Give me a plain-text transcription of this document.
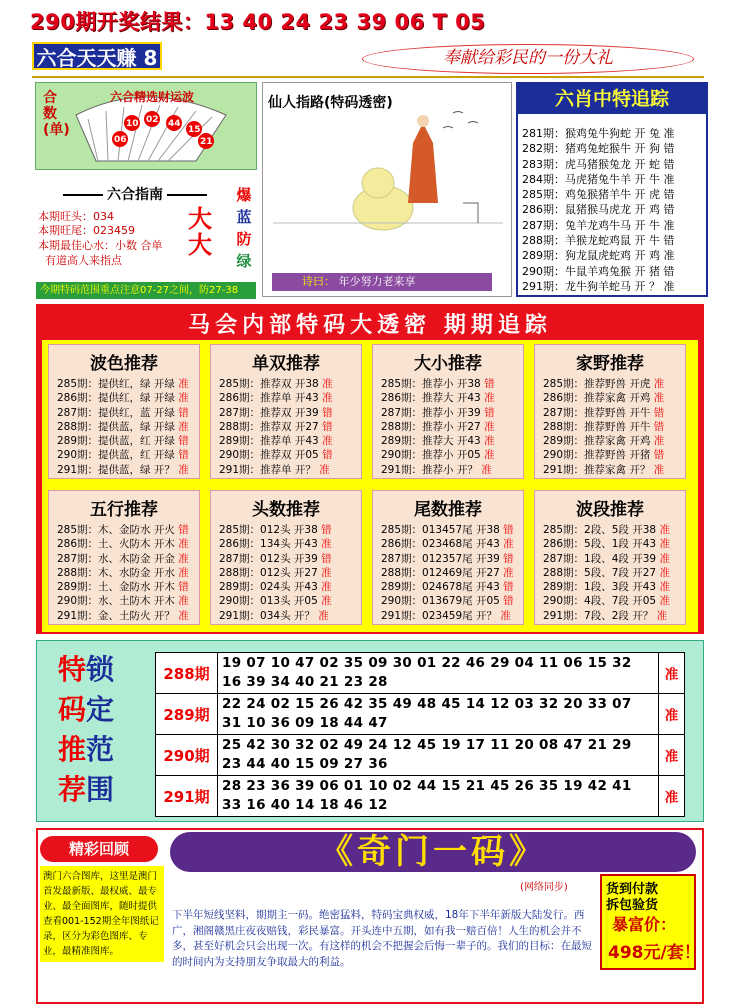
290期开奖结果：13 40 24 23 39 06 T 05
六合天天赚 8	奉献给彩民的一份大礼
10 02 44
15
06	21
合数(单)
六合精选财运波
六合指南
本期旺头：034
本期旺尾：023459
本期最佳心水：小数 合单
有道高人来指点
大大
爆
蓝
防
绿
今期特码范围重点注意07-27之间，防27-38
仙人指路(特码透密)
诗曰： 年少努力老来享
六肖中特追踪
281期：猴鸡兔牛狗蛇 开 兔 准
282期：猪鸡兔蛇猴牛 开 狗 错
283期：虎马猪猴兔龙 开 蛇 错
284期：马虎猪兔牛羊 开 牛 准
285期：鸡兔猴猪羊牛 开 虎 错
286期：鼠猪猴马虎龙 开 鸡 错
287期：兔羊龙鸡牛马 开 牛 准
288期：羊猴龙蛇鸡鼠 开 牛 错
289期：狗龙鼠虎蛇鸡 开 鸡 准
290期：牛鼠羊鸡兔猴 开 猪 错
291期：龙牛狗羊蛇马 开 ？ 准
马会内部特码大透密 期期追踪
波色推荐
285期：提供红，绿 开绿 准
286期：提供红，绿 开绿 准
287期：提供红，蓝 开绿 错
288期：提供蓝，绿 开绿 准
289期：提供蓝，红 开绿 错
290期：提供蓝，红 开绿 错
291期：提供蓝，绿 开？ 准
单双推荐
285期：推荐双 开38 准
286期：推荐单 开43 准
287期：推荐双 开39 错
288期：推荐双 开27 错
289期：推荐单 开43 准
290期：推荐双 开05 错
291期：推荐单 开？ 准
大小推荐
285期：推荐小 开38 错
286期：推荐大 开43 准
287期：推荐小 开39 错
288期：推荐小 开27 准
289期：推荐大 开43 准
290期：推荐小 开05 准
291期：推荐小 开？ 准
家野推荐
285期：推荐野兽 开虎 准
286期：推荐家禽 开鸡 准
287期：推荐野兽 开牛 错
288期：推荐野兽 开牛 错
289期：推荐家禽 开鸡 准
290期：推荐野兽 开猪 错
291期：推荐家禽 开？ 准
五行推荐
285期：木、金防水 开火 错
286期：土、火防木 开木 准
287期：水、木防金 开金 准
288期：木、水防金 开水 准
289期：土、金防水 开木 错
290期：水、土防木 开木 准
291期：金、土防火 开？ 准
头数推荐
285期：012头 开38 错
286期：134头 开43 准
287期：012头 开39 错
288期：012头 开27 准
289期：024头 开43 准
290期：013头 开05 准
291期：034头 开？ 准
尾数推荐
285期：013457尾 开38 错
286期：023468尾 开43 准
287期：012357尾 开39 错
288期：012469尾 开27 准
289期：024678尾 开43 错
290期：013679尾 开05 错
291期：023459尾 开？ 准
波段推荐
285期：2段、5段 开38 准
286期：5段、1段 开43 准
287期：1段、4段 开39 准
288期：5段、7段 开27 准
289期：1段、3段 开43 准
290期：4段、7段 开05 准
291期：7段、2段 开？ 准
特锁
码定
推范
荐围
288期	19 07 10 47 02 35 09 30 01 22 46 29 04 11 06 15 32 16 39 34 40 21 23 28	准
289期	22 24 02 15 26 42 35 49 48 45 14 12 03 32 20 33 07 31 10 36 09 18 44 47	准
290期	25 42 30 32 02 49 24 12 45 19 17 11 20 08 47 21 29 23 44 40 15 09 27 36	准
291期	28 23 36 39 06 01 10 02 44 15 21 45 26 35 19 42 41 33 16 40 14 18 46 12	准
精彩回顾
澳门六合图库，这里是澳门首发最新版、最权威、最专业、最全面图库，随时提供查看001-152期全年图纸记录，区分为彩色图库、专业，最精准图库。
《奇门一码》
(网络同步)	货到付款
拆包验货
暴富价：
498元/套！
下半年短线坚料，期期主一码。绝密猛料，特码宝典权威，18年下半年新版大陆发行。西广，湘阁赣黑庄夜夜赔钱，彩民暴富。开头连中五期，如有我一赔百倍！人生的机会并不多，甚至好机会只会出现一次。有这样的机会不把握会后悔一辈子的。我们的目标：在最短的时间内为支持朋友争取最大的利益。
